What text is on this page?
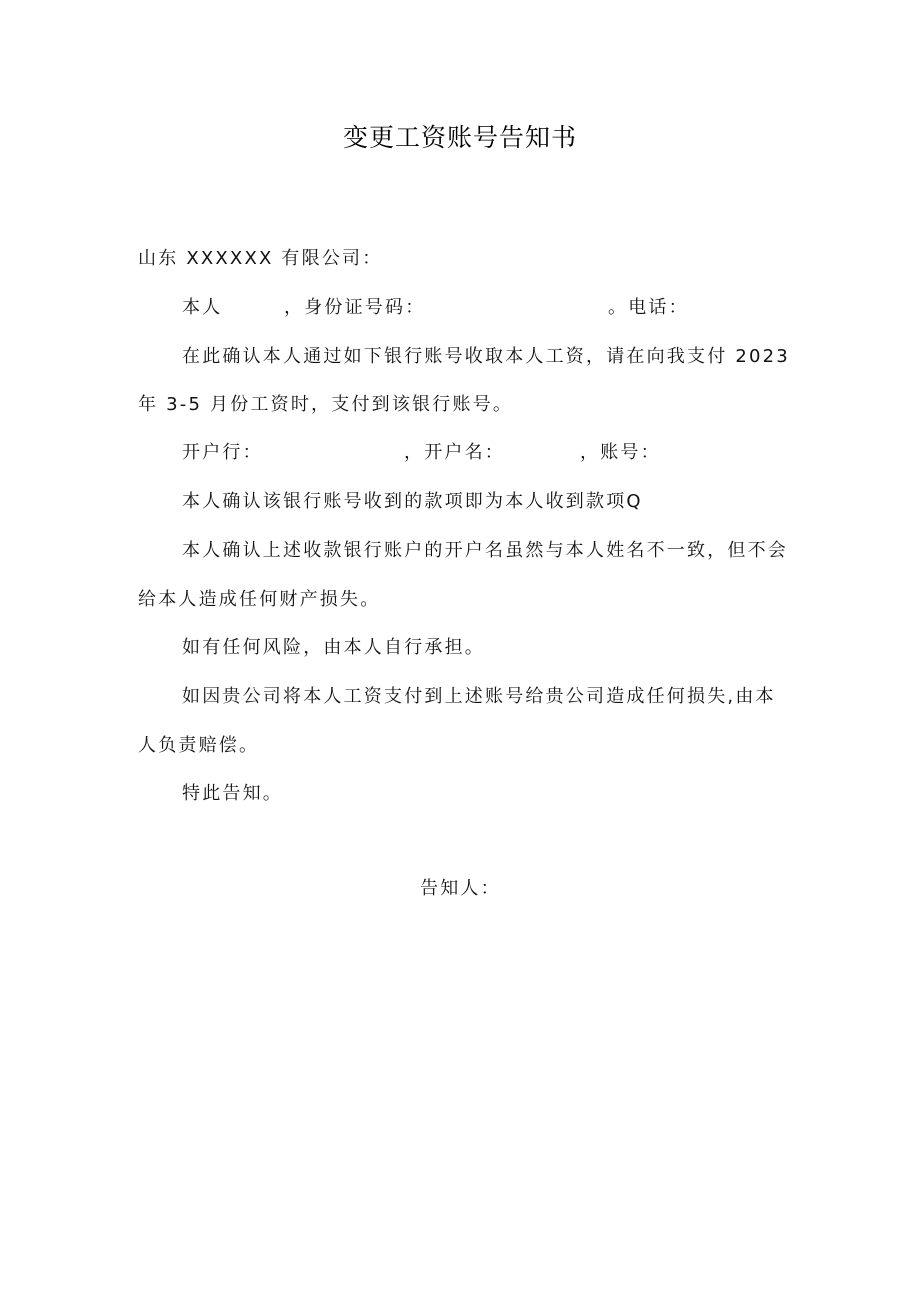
变更工资账号告知书
山东 XXXXXX 有限公司：
本人	，身份证号码：	。电话：
在此确认本人通过如下银行账号收取本人工资，请在向我支付 2023
年 3-5 月份工资时，支付到该银行账号。
开户行：	，开户名：	，账号：
本人确认该银行账号收到的款项即为本人收到款项Q
本人确认上述收款银行账户的开户名虽然与本人姓名不一致，但不会
给本人造成任何财产损失。
如有任何风险，由本人自行承担。
如因贵公司将本人工资支付到上述账号给贵公司造成任何损失,由本
人负责赔偿。
特此告知。
告知人：
